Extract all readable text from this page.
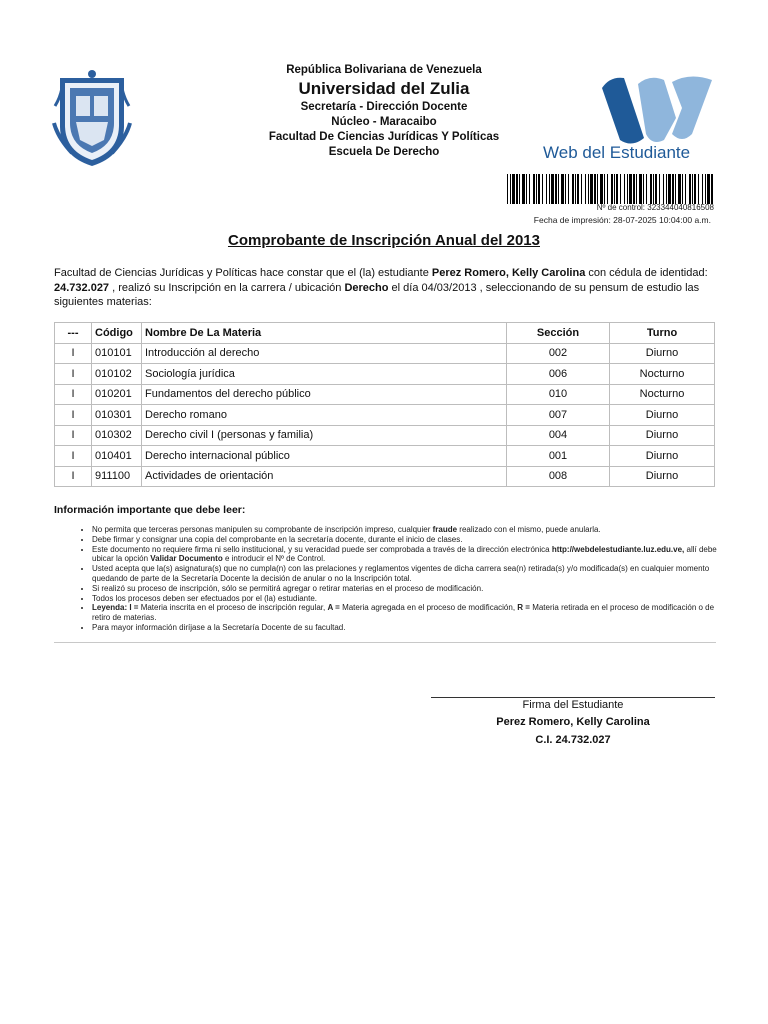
República Bolivariana de Venezuela
Universidad del Zulia
Secretaría - Dirección Docente
Núcleo - Maracaibo
Facultad De Ciencias Jurídicas Y Políticas
Escuela De Derecho	Web del Estudiante
Nº de control: 323344040816508
Fecha de impresión: 28-07-2025 10:04:00 a.m.
Comprobante de Inscripción Anual del 2013
Facultad de Ciencias Jurídicas y Políticas hace constar que el (la) estudiante Perez Romero, Kelly Carolina con cédula de identidad: 24.732.027 , realizó su Inscripción en la carrera / ubicación Derecho el día 04/03/2013 , seleccionando de su pensum de estudio las siguientes materias:
---	Código	Nombre De La Materia	Sección	Turno
I	010101	Introducción al derecho	002	Diurno
I	010102	Sociología jurídica	006	Nocturno
I	010201	Fundamentos del derecho público	010	Nocturno
I	010301	Derecho romano	007	Diurno
I	010302	Derecho civil I (personas y familia)	004	Diurno
I	010401	Derecho internacional público	001	Diurno
I	911100	Actividades de orientación	008	Diurno
Información importante que debe leer:
• No permita que terceras personas manipulen su comprobante de inscripción impreso, cualquier fraude realizado con el mismo, puede anularla.
• Debe firmar y consignar una copia del comprobante en la secretaría docente, durante el inicio de clases.
• Este documento no requiere firma ni sello institucional, y su veracidad puede ser comprobada a través de la dirección electrónica http://webdelestudiante.luz.edu.ve, allí debe ubicar la opción Validar Documento e introducir el Nº de Control.
• Usted acepta que la(s) asignatura(s) que no cumpla(n) con las prelaciones y reglamentos vigentes de dicha carrera sea(n) retirada(s) y/o modificada(s) en cualquier momento quedando de parte de la Secretaría Docente la decisión de anular o no la Inscripción total.
• Si realizó su proceso de inscripción, sólo se permitirá agregar o retirar materias en el proceso de modificación.
• Todos los procesos deben ser efectuados por el (la) estudiante.
• Leyenda: I = Materia inscrita en el proceso de inscripción regular, A = Materia agregada en el proceso de modificación, R = Materia retirada en el proceso de modificación o de retiro de materias.
• Para mayor información diríjase a la Secretaría Docente de su facultad.
Firma del Estudiante
Perez Romero, Kelly Carolina
C.I. 24.732.027
